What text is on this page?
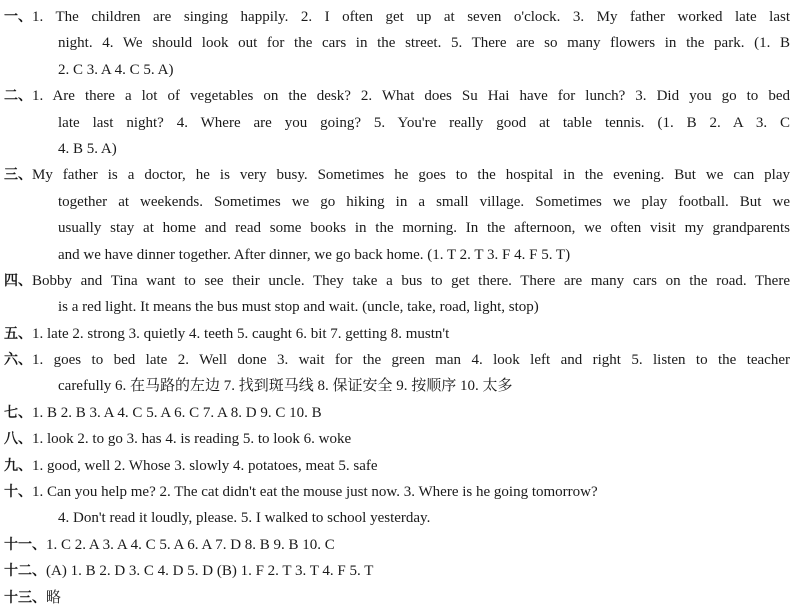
一、1. The children are singing happily. 2. I often get up at seven o'clock. 3. My father worked late last
night. 4. We should look out for the cars in the street. 5. There are so many flowers in the park. (1. B
2. C 3. A 4. C 5. A)
二、1. Are there a lot of vegetables on the desk? 2. What does Su Hai have for lunch? 3. Did you go to bed
late last night? 4. Where are you going? 5. You're really good at table tennis. (1. B 2. A 3. C
4. B 5. A)
三、My father is a doctor, he is very busy. Sometimes he goes to the hospital in the evening. But we can play
together at weekends. Sometimes we go hiking in a small village. Sometimes we play football. But we
usually stay at home and read some books in the morning. In the afternoon, we often visit my grandparents
and we have dinner together. After dinner, we go back home. (1. T 2. T 3. F 4. F 5. T)
四、Bobby and Tina want to see their uncle. They take a bus to get there. There are many cars on the road. There
is a red light. It means the bus must stop and wait. (uncle, take, road, light, stop)
五、1. late 2. strong 3. quietly 4. teeth 5. caught 6. bit 7. getting 8. mustn't
六、1. goes to bed late 2. Well done 3. wait for the green man 4. look left and right 5. listen to the teacher
carefully 6. 在马路的左边 7. 找到斑马线 8. 保证安全 9. 按顺序 10. 太多
七、1. B 2. B 3. A 4. C 5. A 6. C 7. A 8. D 9. C 10. B
八、1. look 2. to go 3. has 4. is reading 5. to look 6. woke
九、1. good, well 2. Whose 3. slowly 4. potatoes, meat 5. safe
十、1. Can you help me? 2. The cat didn't eat the mouse just now. 3. Where is he going tomorrow?
4. Don't read it loudly, please. 5. I walked to school yesterday.
十一、1. C 2. A 3. A 4. C 5. A 6. A 7. D 8. B 9. B 10. C
十二、(A) 1. B 2. D 3. C 4. D 5. D (B) 1. F 2. T 3. T 4. F 5. T
十三、略
